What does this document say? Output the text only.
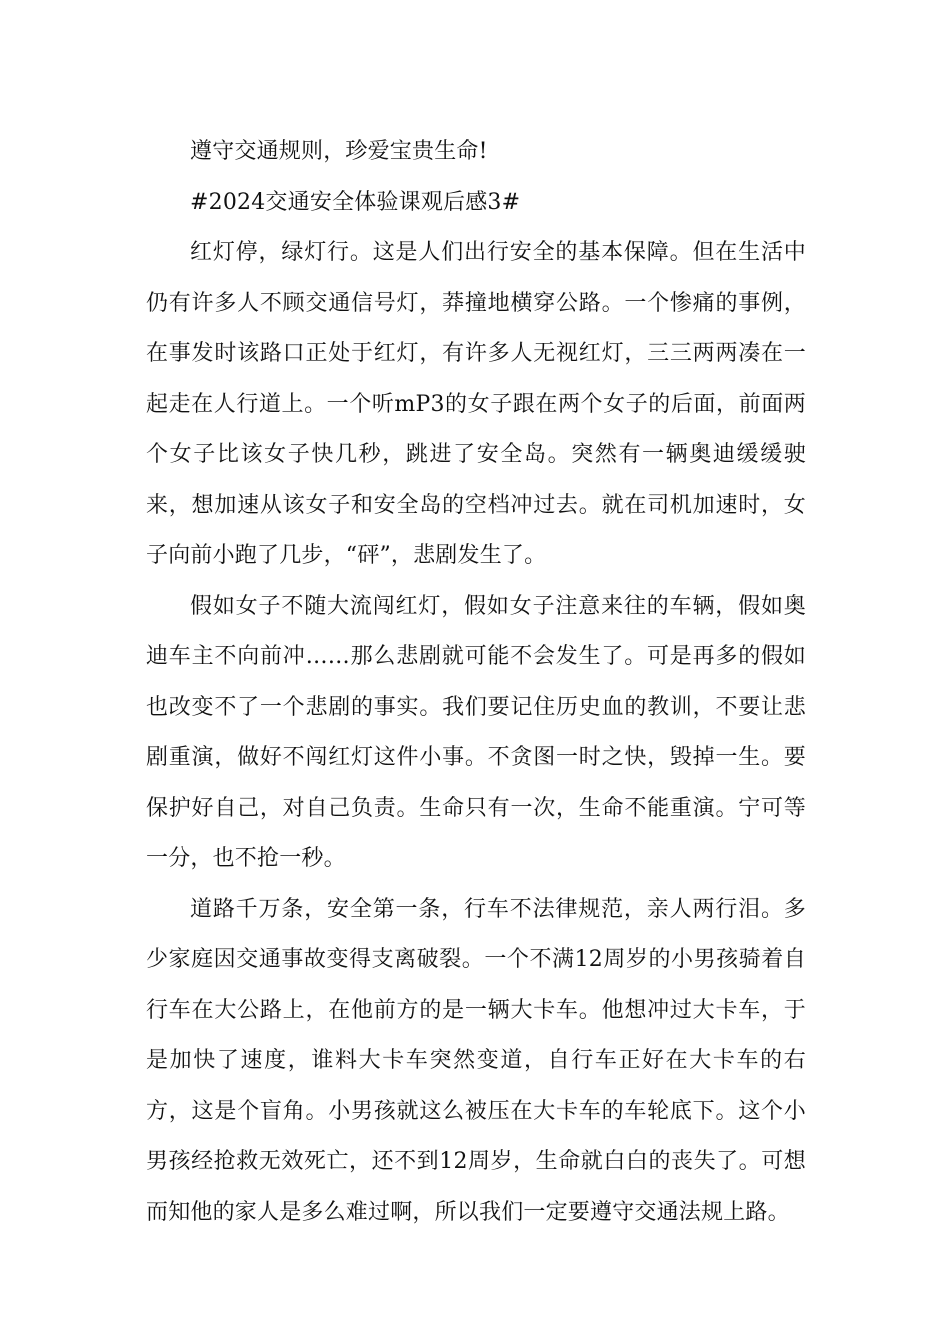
遵守交通规则，珍爱宝贵生命!

#2024交通安全体验课观后感3#

红灯停，绿灯行。这是人们出行安全的基本保障。但在生活中仍有许多人不顾交通信号灯，莽撞地横穿公路。一个惨痛的事例，在事发时该路口正处于红灯，有许多人无视红灯，三三两两凑在一起走在人行道上。一个听mP3的女子跟在两个女子的后面，前面两个女子比该女子快几秒，跳进了安全岛。突然有一辆奥迪缓缓驶来，想加速从该女子和安全岛的空档冲过去。就在司机加速时，女子向前小跑了几步，“砰”，悲剧发生了。

假如女子不随大流闯红灯，假如女子注意来往的车辆，假如奥迪车主不向前冲……那么悲剧就可能不会发生了。可是再多的假如也改变不了一个悲剧的事实。我们要记住历史血的教训，不要让悲剧重演，做好不闯红灯这件小事。不贪图一时之快，毁掉一生。要保护好自己，对自己负责。生命只有一次，生命不能重演。宁可等一分，也不抢一秒。

道路千万条，安全第一条，行车不法律规范，亲人两行泪。多少家庭因交通事故变得支离破裂。一个不满12周岁的小男孩骑着自行车在大公路上，在他前方的是一辆大卡车。他想冲过大卡车，于是加快了速度，谁料大卡车突然变道，自行车正好在大卡车的右方，这是个盲角。小男孩就这么被压在大卡车的车轮底下。这个小男孩经抢救无效死亡，还不到12周岁，生命就白白的丧失了。可想而知他的家人是多么难过啊，所以我们一定要遵守交通法规上路。
